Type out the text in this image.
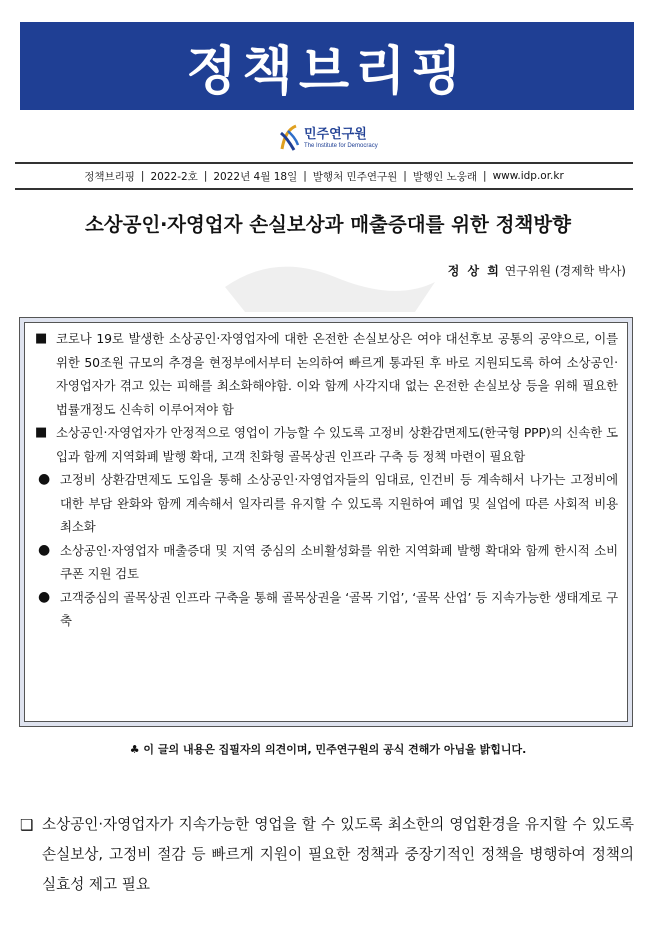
정책브리핑
민주연구원
The Institute for Democracy
정책브리핑 | 2022-2호 | 2022년 4월 18일 | 발행처 민주연구원 | 발행인 노웅래 | www.idp.or.kr
소상공인‧자영업자 손실보상과 매출증대를 위한 정책방향
정 상 희 연구위원 (경제학 박사)
■ 코로나 19로 발생한 소상공인‧자영업자에 대한 온전한 손실보상은 여야 대선후보 공통의 공약으로, 이를 위한 50조원 규모의 추경을 현정부에서부터 논의하여 빠르게 통과된 후 바로 지원되도록 하여 소상공인‧자영업자가 겪고 있는 피해를 최소화해야함. 이와 함께 사각지대 없는 온전한 손실보상 등을 위해 필요한 법률개정도 신속히 이루어져야 함
■ 소상공인‧자영업자가 안정적으로 영업이 가능할 수 있도록 고정비 상환감면제도(한국형 PPP)의 신속한 도입과 함께 지역화폐 발행 확대, 고객 친화형 골목상권 인프라 구축 등 정책 마련이 필요함
● 고정비 상환감면제도 도입을 통해 소상공인‧자영업자들의 임대료, 인건비 등 계속해서 나가는 고정비에 대한 부담 완화와 함께 계속해서 일자리를 유지할 수 있도록 지원하여 폐업 및 실업에 따른 사회적 비용 최소화
● 소상공인‧자영업자 매출증대 및 지역 중심의 소비활성화를 위한 지역화폐 발행 확대와 함께 한시적 소비쿠폰 지원 검토
● 고객중심의 골목상권 인프라 구축을 통해 골목상권을 ‘골목 기업’, ‘골목 산업’ 등 지속가능한 생태계로 구축
♣ 이 글의 내용은 집필자의 의견이며, 민주연구원의 공식 견해가 아님을 밝힙니다.
❑ 소상공인‧자영업자가 지속가능한 영업을 할 수 있도록 최소한의 영업환경을 유지할 수 있도록 손실보상, 고정비 절감 등 빠르게 지원이 필요한 정책과 중장기적인 정책을 병행하여 정책의 실효성 제고 필요
